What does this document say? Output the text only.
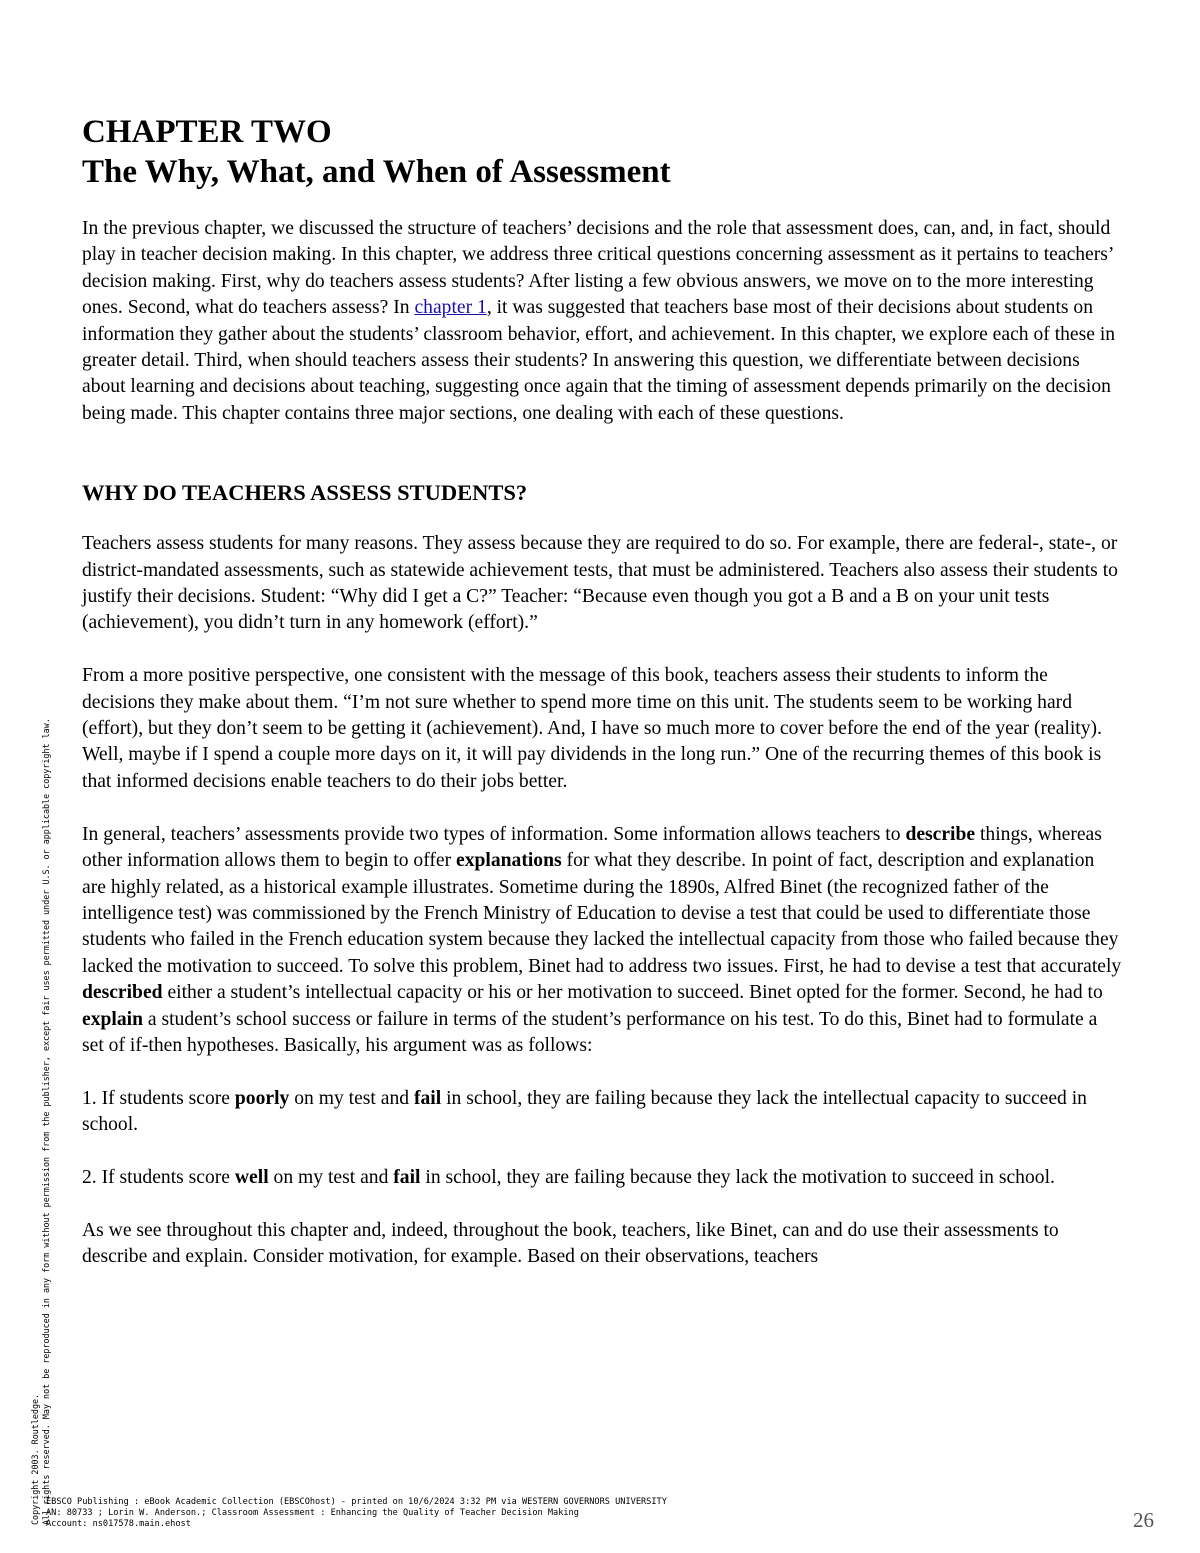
CHAPTER TWO
The Why, What, and When of Assessment

In the previous chapter, we discussed the structure of teachers’ decisions and the role that assessment does, can, and, in fact, should play in teacher decision making. In this chapter, we address three critical questions concerning assessment as it pertains to teachers’ decision making. First, why do teachers assess students? After listing a few obvious answers, we move on to the more interesting ones. Second, what do teachers assess? In chapter 1, it was suggested that teachers base most of their decisions about students on information they gather about the students’ classroom behavior, effort, and achievement. In this chapter, we explore each of these in greater detail. Third, when should teachers assess their students? In answering this question, we differentiate between decisions about learning and decisions about teaching, suggesting once again that the timing of assessment depends primarily on the decision being made. This chapter contains three major sections, one dealing with each of these questions.

WHY DO TEACHERS ASSESS STUDENTS?

Teachers assess students for many reasons. They assess because they are required to do so. For example, there are federal-, state-, or district-mandated assessments, such as statewide achievement tests, that must be administered. Teachers also assess their students to justify their decisions. Student: “Why did I get a C?” Teacher: “Because even though you got a B and a B on your unit tests (achievement), you didn’t turn in any homework (effort).”

From a more positive perspective, one consistent with the message of this book, teachers assess their students to inform the decisions they make about them. “I’m not sure whether to spend more time on this unit. The students seem to be working hard (effort), but they don’t seem to be getting it (achievement). And, I have so much more to cover before the end of the year (reality). Well, maybe if I spend a couple more days on it, it will pay dividends in the long run.” One of the recurring themes of this book is that informed decisions enable teachers to do their jobs better.

In general, teachers’ assessments provide two types of information. Some information allows teachers to describe things, whereas other information allows them to begin to offer explanations for what they describe. In point of fact, description and explanation are highly related, as a historical example illustrates. Sometime during the 1890s, Alfred Binet (the recognized father of the intelligence test) was commissioned by the French Ministry of Education to devise a test that could be used to differentiate those students who failed in the French education system because they lacked the intellectual capacity from those who failed because they lacked the motivation to succeed. To solve this problem, Binet had to address two issues. First, he had to devise a test that accurately described either a student’s intellectual capacity or his or her motivation to succeed. Binet opted for the former. Second, he had to explain a student’s school success or failure in terms of the student’s performance on his test. To do this, Binet had to formulate a set of if-then hypotheses. Basically, his argument was as follows:

1. If students score poorly on my test and fail in school, they are failing because they lack the intellectual capacity to succeed in school.

2. If students score well on my test and fail in school, they are failing because they lack the motivation to succeed in school.

As we see throughout this chapter and, indeed, throughout the book, teachers, like Binet, can and do use their assessments to describe and explain. Consider motivation, for example. Based on their observations, teachers

Copyright 2003. Routledge. All rights reserved. May not be reproduced in any form without permission from the publisher, except fair uses permitted under U.S. or applicable copyright law.
EBSCO Publishing : eBook Academic Collection (EBSCOhost) - printed on 10/6/2024 3:32 PM via WESTERN GOVERNORS UNIVERSITY
AN: 80733 ; Lorin W. Anderson.; Classroom Assessment : Enhancing the Quality of Teacher Decision Making
Account: ns017578.main.ehost	26
